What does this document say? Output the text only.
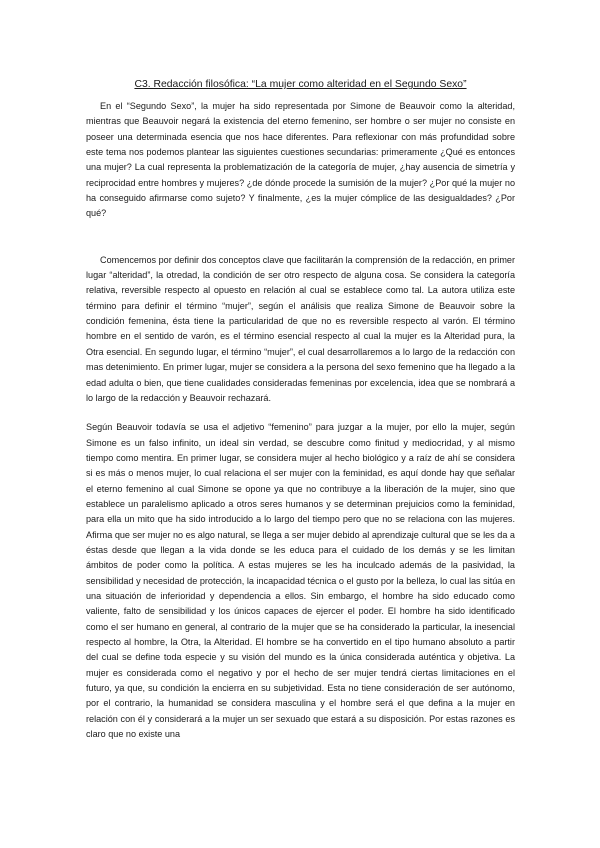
C3. Redacción filosófica: “La mujer como alteridad en el Segundo Sexo”

En el “Segundo Sexo”, la mujer ha sido representada por Simone de Beauvoir como la alteridad, mientras que Beauvoir negará la existencia del eterno femenino, ser hombre o ser mujer no consiste en poseer una determinada esencia que nos hace diferentes. Para reflexionar con más profundidad sobre este tema nos podemos plantear las siguientes cuestiones secundarias: primeramente ¿Qué es entonces una mujer? La cual representa la problematización de la categoría de mujer, ¿hay ausencia de simetría y reciprocidad entre hombres y mujeres? ¿de dónde procede la sumisión de la mujer? ¿Por qué la mujer no ha conseguido afirmarse como sujeto? Y finalmente, ¿es la mujer cómplice de las desigualdades? ¿Por qué?

Comencemos por definir dos conceptos clave que facilitarán la comprensión de la redacción, en primer lugar “alteridad”, la otredad, la condición de ser otro respecto de alguna cosa. Se considera la categoría relativa, reversible respecto al opuesto en relación al cual se establece como tal. La autora utiliza este término para definir el término “mujer”, según el análisis que realiza Simone de Beauvoir sobre la condición femenina, ésta tiene la particularidad de que no es reversible respecto al varón. El término hombre en el sentido de varón, es el término esencial respecto al cual la mujer es la Alteridad pura, la Otra esencial. En segundo lugar, el término “mujer”, el cual desarrollaremos a lo largo de la redacción con mas detenimiento. En primer lugar, mujer se considera a la persona del sexo femenino que ha llegado a la edad adulta o bien, que tiene cualidades consideradas femeninas por excelencia, idea que se nombrará a lo largo de la redacción y Beauvoir rechazará.

Según Beauvoir todavía se usa el adjetivo “femenino” para juzgar a la mujer, por ello la mujer, según Simone es un falso infinito, un ideal sin verdad, se descubre como finitud y mediocridad, y al mismo tiempo como mentira. En primer lugar, se considera mujer al hecho biológico y a raíz de ahí se considera si es más o menos mujer, lo cual relaciona el ser mujer con la feminidad, es aquí donde hay que señalar el eterno femenino al cual Simone se opone ya que no contribuye a la liberación de la mujer, sino que establece un paralelismo aplicado a otros seres humanos y se determinan prejuicios como la feminidad, para ella un mito que ha sido introducido a lo largo del tiempo pero que no se relaciona con las mujeres. Afirma que ser mujer no es algo natural, se llega a ser mujer debido al aprendizaje cultural que se les da a éstas desde que llegan a la vida donde se les educa para el cuidado de los demás y se les limitan ámbitos de poder como la política. A estas mujeres se les ha inculcado además de la pasividad, la sensibilidad y necesidad de protección, la incapacidad técnica o el gusto por la belleza, lo cual las sitúa en una situación de inferioridad y dependencia a ellos. Sin embargo, el hombre ha sido educado como valiente, falto de sensibilidad y los únicos capaces de ejercer el poder. El hombre ha sido identificado como el ser humano en general, al contrario de la mujer que se ha considerado la particular, la inesencial respecto al hombre, la Otra, la Alteridad. El hombre se ha convertido en el tipo humano absoluto a partir del cual se define toda especie y su visión del mundo es la única considerada auténtica y objetiva. La mujer es considerada como el negativo y por el hecho de ser mujer tendrá ciertas limitaciones en el futuro, ya que, su condición la encierra en su subjetividad. Esta no tiene consideración de ser autónomo, por el contrario, la humanidad se considera masculina y el hombre será el que defina a la mujer en relación con él y considerará a la mujer un ser sexuado que estará a su disposición. Por estas razones es claro que no existe una
